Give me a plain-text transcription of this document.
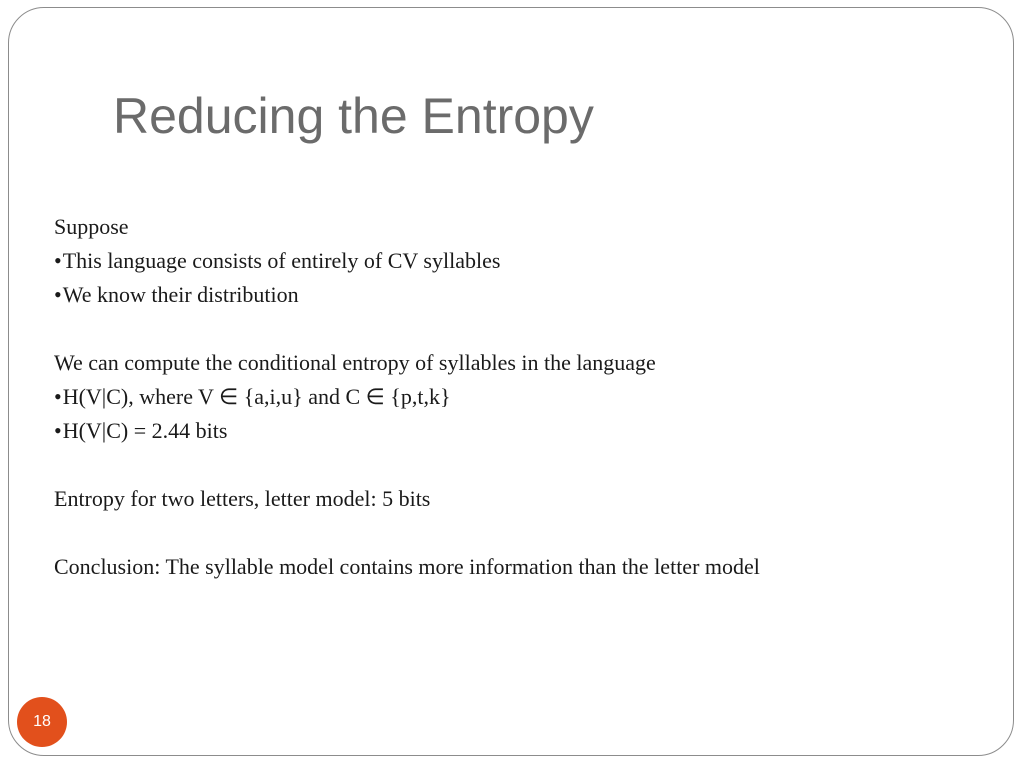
Reducing the Entropy
Suppose
•This language consists of entirely of CV syllables
•We know their distribution
We can compute the conditional entropy of syllables in the language
•H(V|C), where V ∈ {a,i,u} and C ∈ {p,t,k}
•H(V|C) = 2.44 bits
Entropy for two letters, letter model: 5 bits
Conclusion: The syllable model contains more information than the letter model
18
